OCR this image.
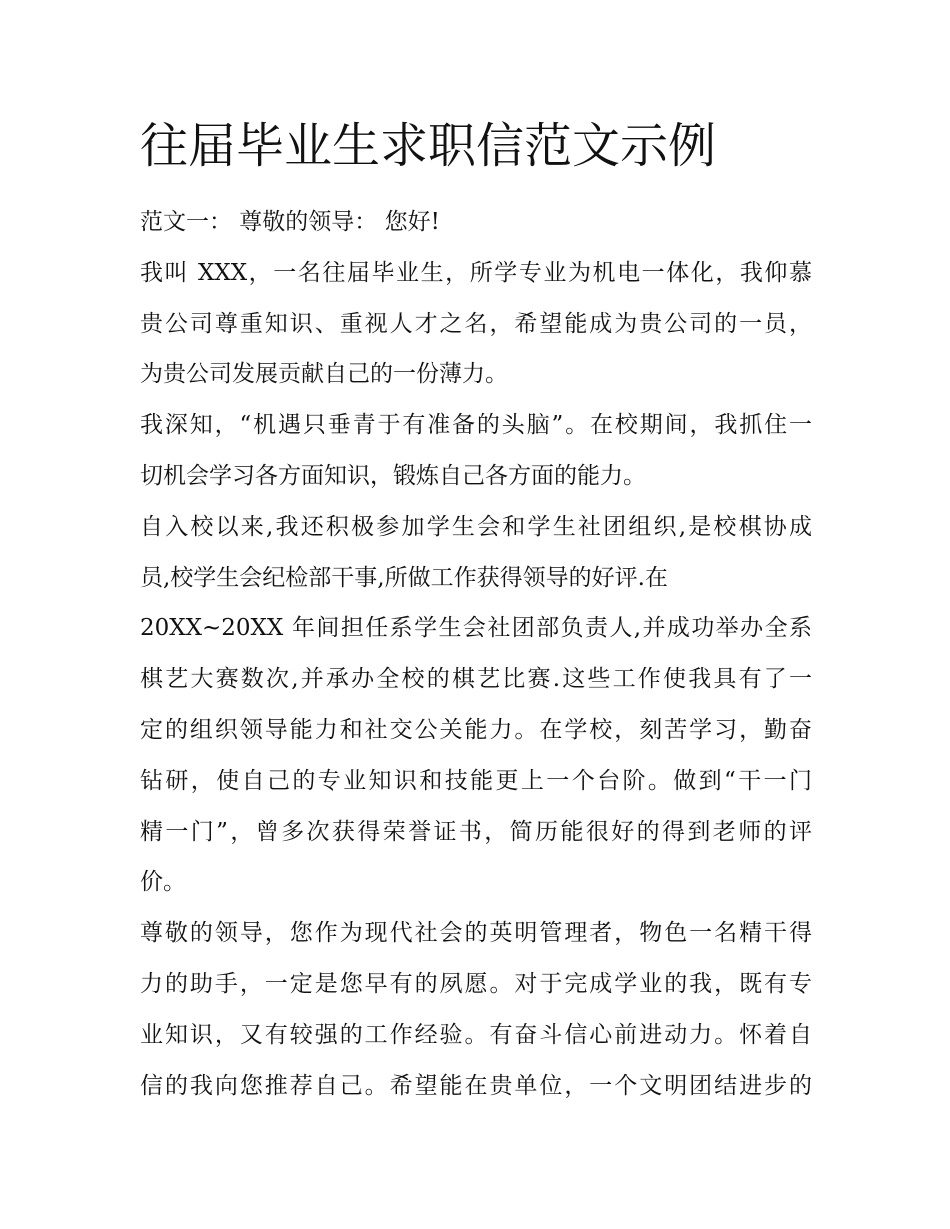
往届毕业生求职信范文示例
范文一： 尊敬的领导： 您好!
我叫 XXX，一名往届毕业生，所学专业为机电一体化，我仰慕
贵公司尊重知识、重视人才之名，希望能成为贵公司的一员，
为贵公司发展贡献自己的一份薄力。
我深知，“机遇只垂青于有准备的头脑”。在校期间，我抓住一
切机会学习各方面知识，锻炼自己各方面的能力。
自入校以来,我还积极参加学生会和学生社团组织,是校棋协成
员,校学生会纪检部干事,所做工作获得领导的好评.在
20XX~20XX 年间担任系学生会社团部负责人,并成功举办全系
棋艺大赛数次,并承办全校的棋艺比赛.这些工作使我具有了一
定的组织领导能力和社交公关能力。在学校，刻苦学习，勤奋
钻研，使自己的专业知识和技能更上一个台阶。做到“干一门
精一门”，曾多次获得荣誉证书，简历能很好的得到老师的评
价。
尊敬的领导，您作为现代社会的英明管理者，物色一名精干得
力的助手，一定是您早有的夙愿。对于完成学业的我，既有专
业知识，又有较强的工作经验。有奋斗信心前进动力。怀着自
信的我向您推荐自己。希望能在贵单位，一个文明团结进步的
